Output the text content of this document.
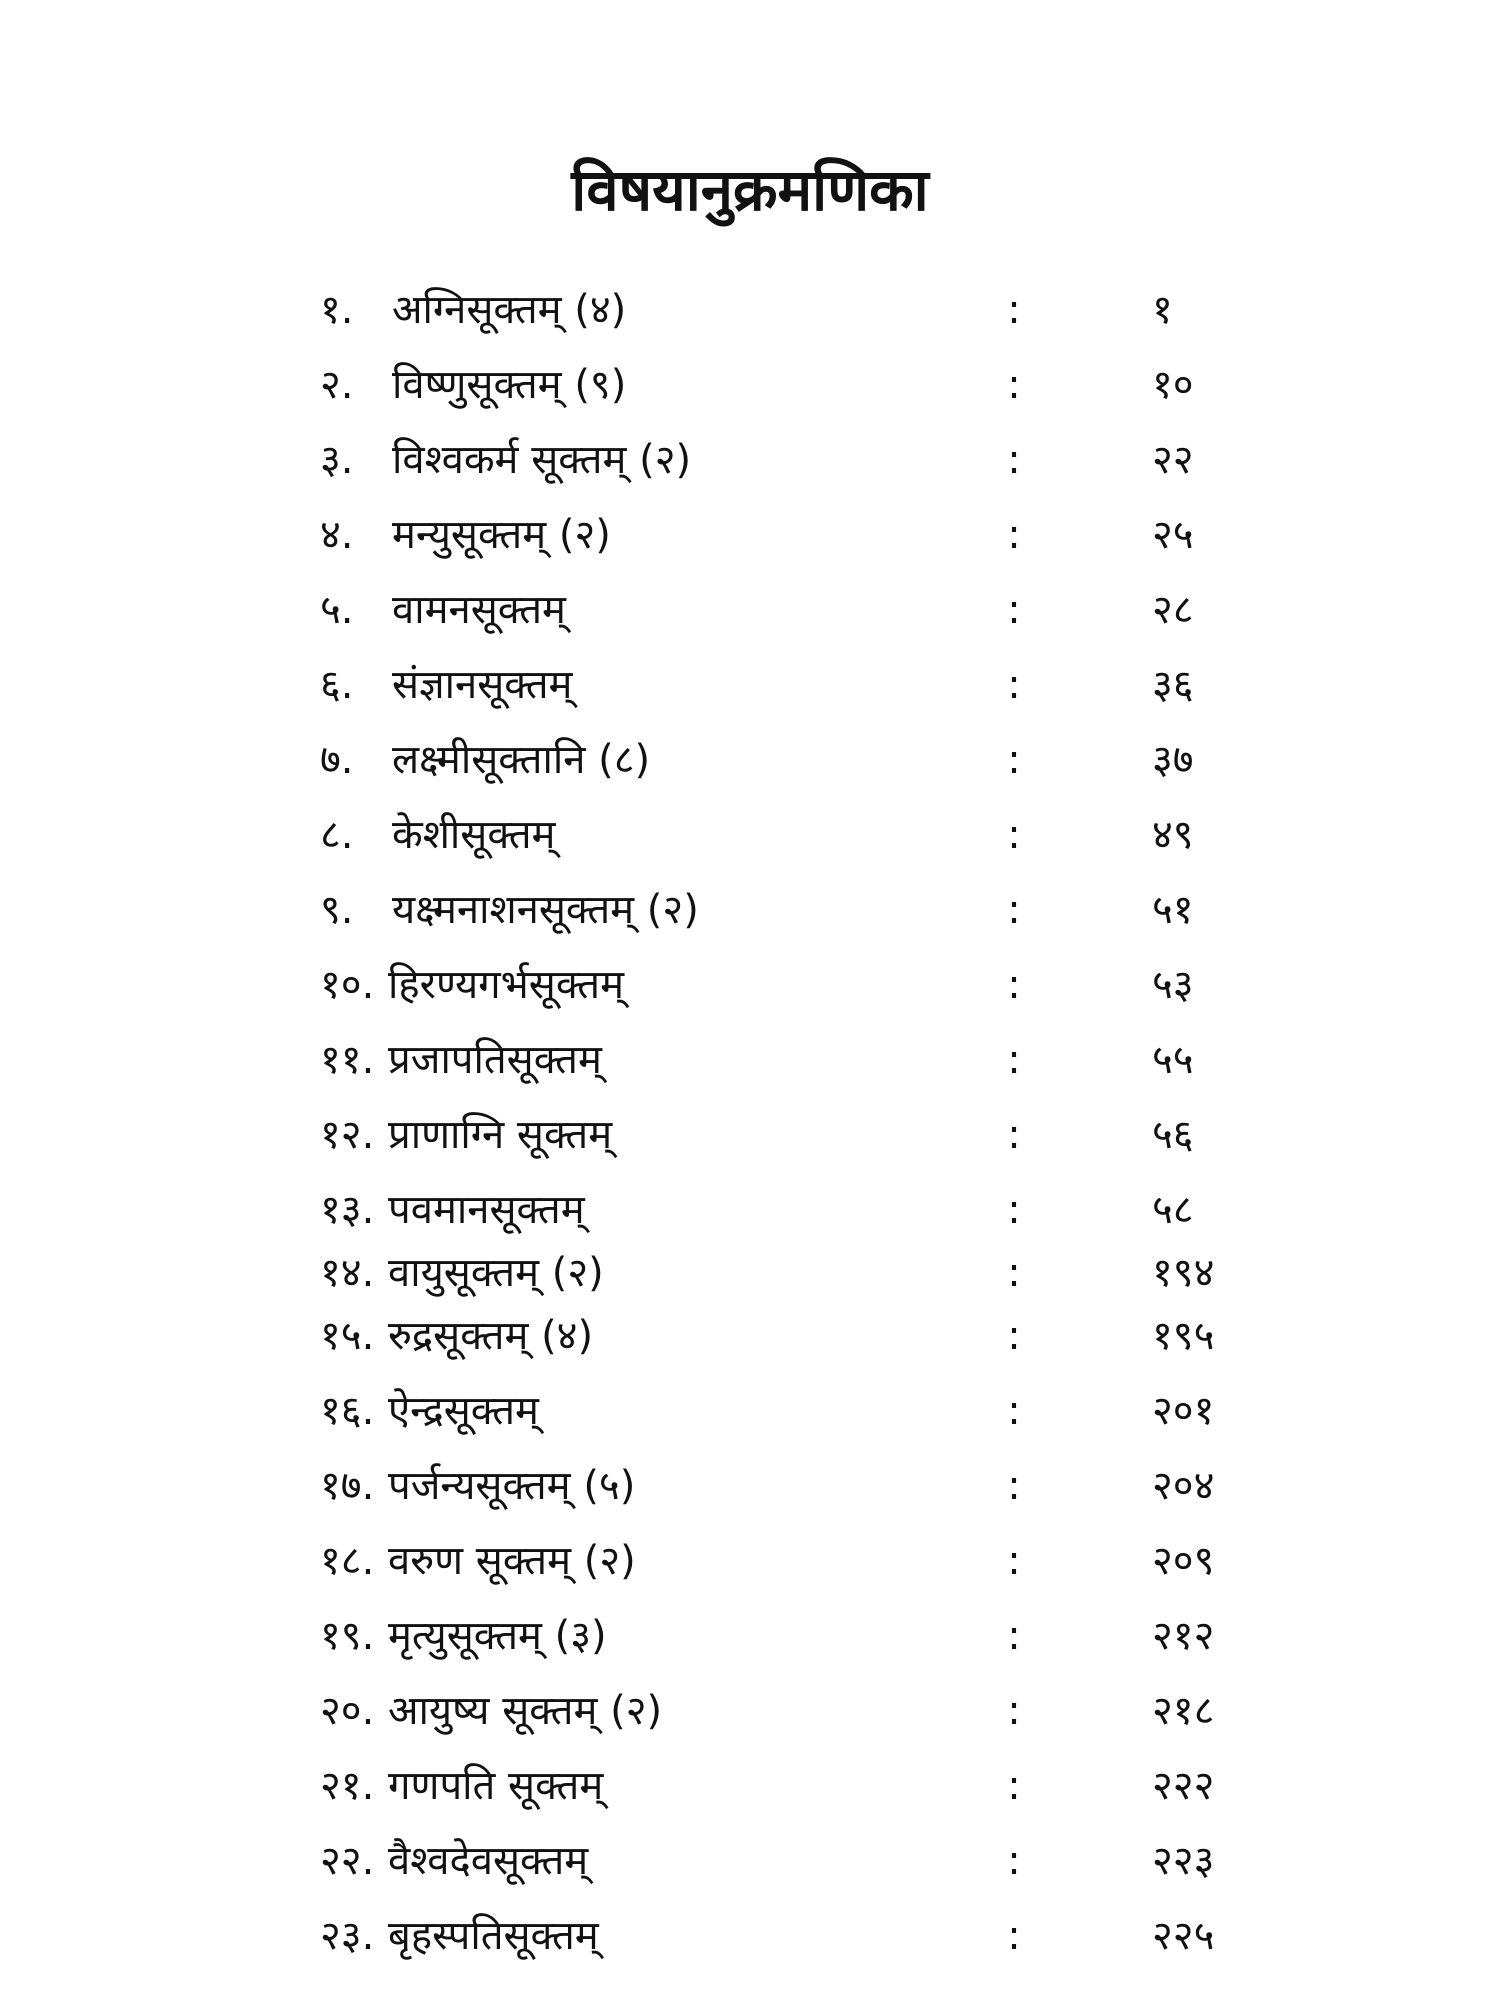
विषयानुक्रमणिका
१. अग्निसूक्तम् (४)	:	१
२. विष्णुसूक्तम् (९)	:	१०
३. विश्वकर्म सूक्तम् (२)	:	२२
४. मन्युसूक्तम् (२)	:	२५
५. वामनसूक्तम्	:	२८
६. संज्ञानसूक्तम्	:	३६
७. लक्ष्मीसूक्तानि (८)	:	३७
८. केशीसूक्तम्	:	४९
९. यक्ष्मनाशनसूक्तम् (२)	:	५१
१०. हिरण्यगर्भसूक्तम्	:	५३
११. प्रजापतिसूक्तम्	:	५५
१२. प्राणाग्नि सूक्तम्	:	५६
१३. पवमानसूक्तम्	:	५८
१४. वायुसूक्तम् (२)	:	१९४
१५. रुद्रसूक्तम् (४)	:	१९५
१६. ऐन्द्रसूक्तम्	:	२०१
१७. पर्जन्यसूक्तम् (५)	:	२०४
१८. वरुण सूक्तम् (२)	:	२०९
१९. मृत्युसूक्तम् (३)	:	२१२
२०. आयुष्य सूक्तम् (२)	:	२१८
२१. गणपति सूक्तम्	:	२२२
२२. वैश्वदेवसूक्तम्	:	२२३
२३. बृहस्पतिसूक्तम्	:	२२५
